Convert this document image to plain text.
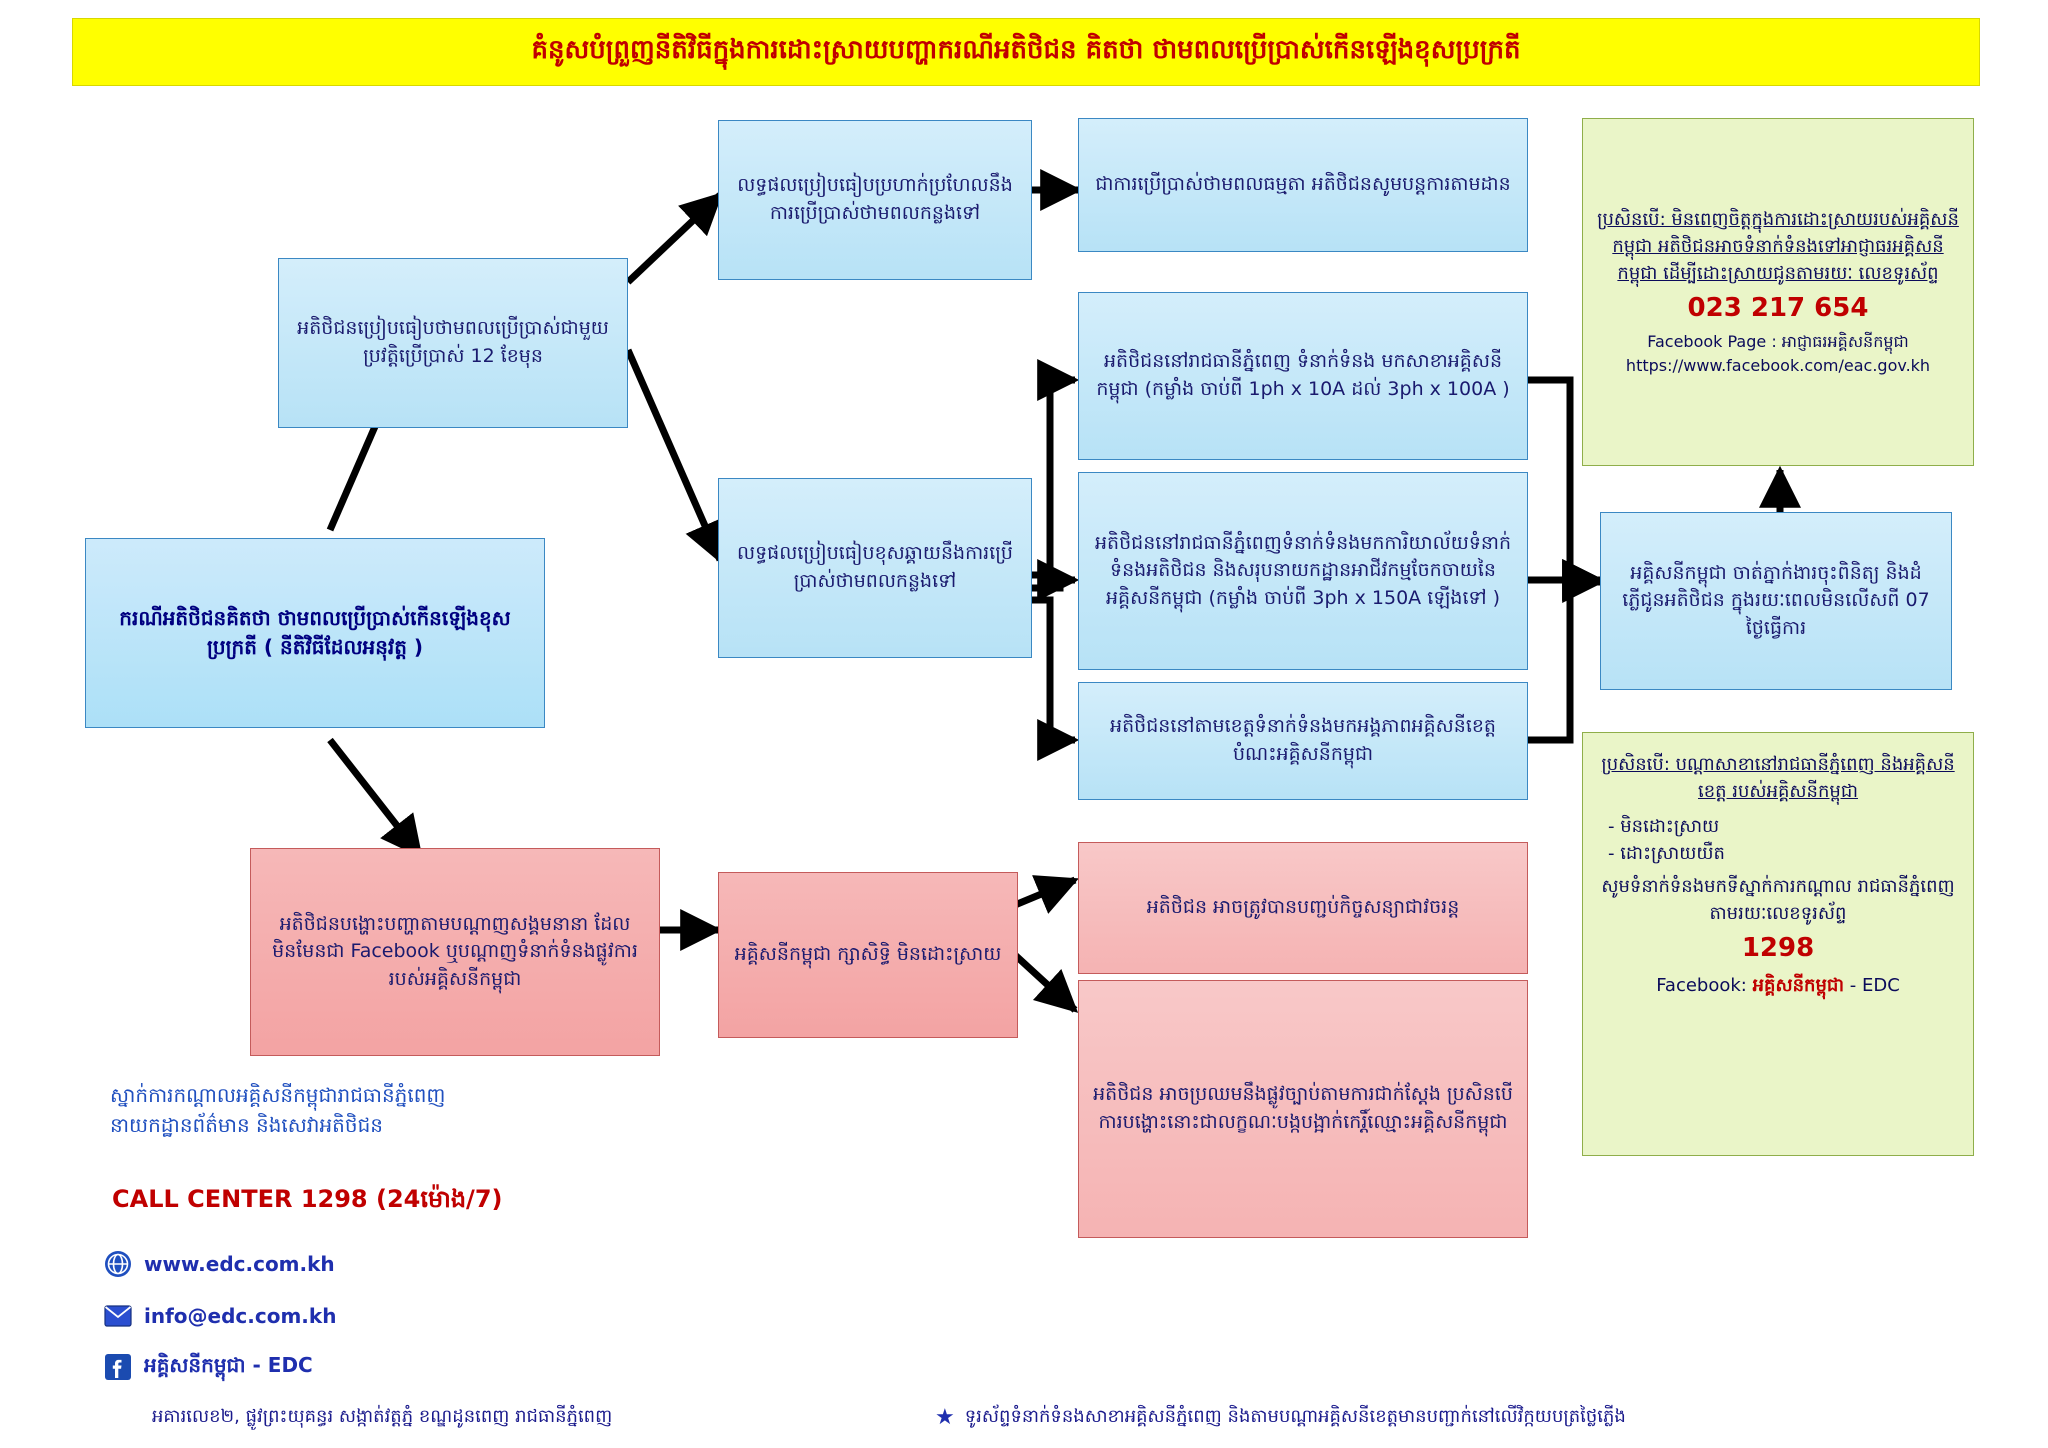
គំនូសបំព្រួញនីតិវិធីក្នុងការដោះស្រាយបញ្ហាករណីអតិថិជន គិតថា ថាមពលប្រើប្រាស់កើនឡើងខុសប្រក្រតី
ករណីអតិថិជនគិតថា ថាមពលប្រើប្រាស់កើនឡើងខុសប្រក្រតី ( នីតិវិធីដែលអនុវត្ត )
អតិថិជនប្រៀបធៀបថាមពលប្រើប្រាស់ជាមួយប្រវត្តិប្រើប្រាស់ 12 ខែមុន
លទ្ធផលប្រៀបធៀបប្រហាក់ប្រហែលនឹងការប្រើប្រាស់ថាមពលកន្លងទៅ
លទ្ធផលប្រៀបធៀបខុសឆ្គាយនឹងការប្រើប្រាស់ថាមពលកន្លងទៅ
ជាការប្រើប្រាស់ថាមពលធម្មតា អតិថិជនសូមបន្តការតាមដាន
អតិថិជននៅរាជធានីភ្នំពេញ ទំនាក់ទំនង មកសាខាអគ្គិសនីកម្ពុជា (កម្លាំង ចាប់ពី 1ph x 10A ដល់ 3ph x 100A )
អតិថិជននៅរាជធានីភ្នំពេញទំនាក់ទំនងមកការិយាល័យទំនាក់ទំនងអតិថិជន និងសរុបនាយកដ្ឋានអាជីវកម្មចែកចាយនៃអគ្គិសនីកម្ពុជា (កម្លាំង ចាប់ពី 3ph x 150A ឡើងទៅ )
អតិថិជននៅតាមខេត្តទំនាក់ទំនងមកអង្គភាពអគ្គិសនីខេត្តបំណះអគ្គិសនីកម្ពុជា
អគ្គិសនីកម្ពុជា ចាត់ភ្នាក់ងារចុះពិនិត្យ និងដំភ្លើជូនអតិថិជន ក្នុងរយៈពេលមិនលើសពី 07 ថ្ងៃធ្វើការ
អតិថិជនបង្ហោះបញ្ហាតាមបណ្ដាញសង្គមនានា ដែលមិនមែនជា Facebook ឬបណ្ដាញទំនាក់ទំនងផ្លូវការរបស់អគ្គិសនីកម្ពុជា
អគ្គិសនីកម្ពុជា ក្សាសិទ្ធិ មិនដោះស្រាយ
អតិថិជន អាចត្រូវបានបញ្ជប់កិច្ចសន្យាជាវចរន្ត
អតិថិជន អាចប្រឈមនឹងផ្លូវច្បាប់តាមការជាក់ស្ដែង ប្រសិនបើការបង្ហោះនោះជាលក្ខណៈបង្កបង្អាក់កេរ្តិ៍ឈ្មោះអគ្គិសនីកម្ពុជា
ប្រសិនបើ: មិនពេញចិត្តក្នុងការដោះស្រាយរបស់អគ្គិសនីកម្ពុជា អតិថិជនអាចទំនាក់ទំនងទៅអាជ្ញាធរអគ្គិសនីកម្ពុជា ដើម្បីដោះស្រាយជូនតាមរយៈ លេខទូរស័ព្ទ
023 217 654
Facebook Page : អាជ្ញាធរអគ្គិសនីកម្ពុជា
https://www.facebook.com/eac.gov.kh
ប្រសិនបើ: បណ្ដាសាខានៅរាជធានីភ្នំពេញ និងអគ្គិសនីខេត្ត របស់អគ្គិសនីកម្ពុជា
- មិនដោះស្រាយ
- ដោះស្រាយយឺត
សូមទំនាក់ទំនងមកទីស្នាក់ការកណ្ដាល រាជធានីភ្នំពេញ តាមរយៈលេខទូរស័ព្ទ
1298
Facebook: អគ្គិសនីកម្ពុជា - EDC
ស្នាក់ការកណ្ដាលអគ្គិសនីកម្ពុជារាជធានីភ្នំពេញ
នាយកដ្ឋានព័ត៌មាន និងសេវាអតិថិជន
CALL CENTER 1298 (24ម៉ោង/7)
www.edc.com.kh
info@edc.com.kh
អគ្គិសនីកម្ពុជា - EDC
អគារលេខ២, ផ្លូវព្រះយុគន្ធរ សង្កាត់វត្តភ្នំ ខណ្ឌដូនពេញ រាជធានីភ្នំពេញ	★ ទូរស័ព្ទទំនាក់ទំនងសាខាអគ្គិសនីភ្នំពេញ និងតាមបណ្ដាអគ្គិសនីខេត្តមានបញ្ជាក់នៅលើវិក្កយបត្រថ្លៃភ្លើង
